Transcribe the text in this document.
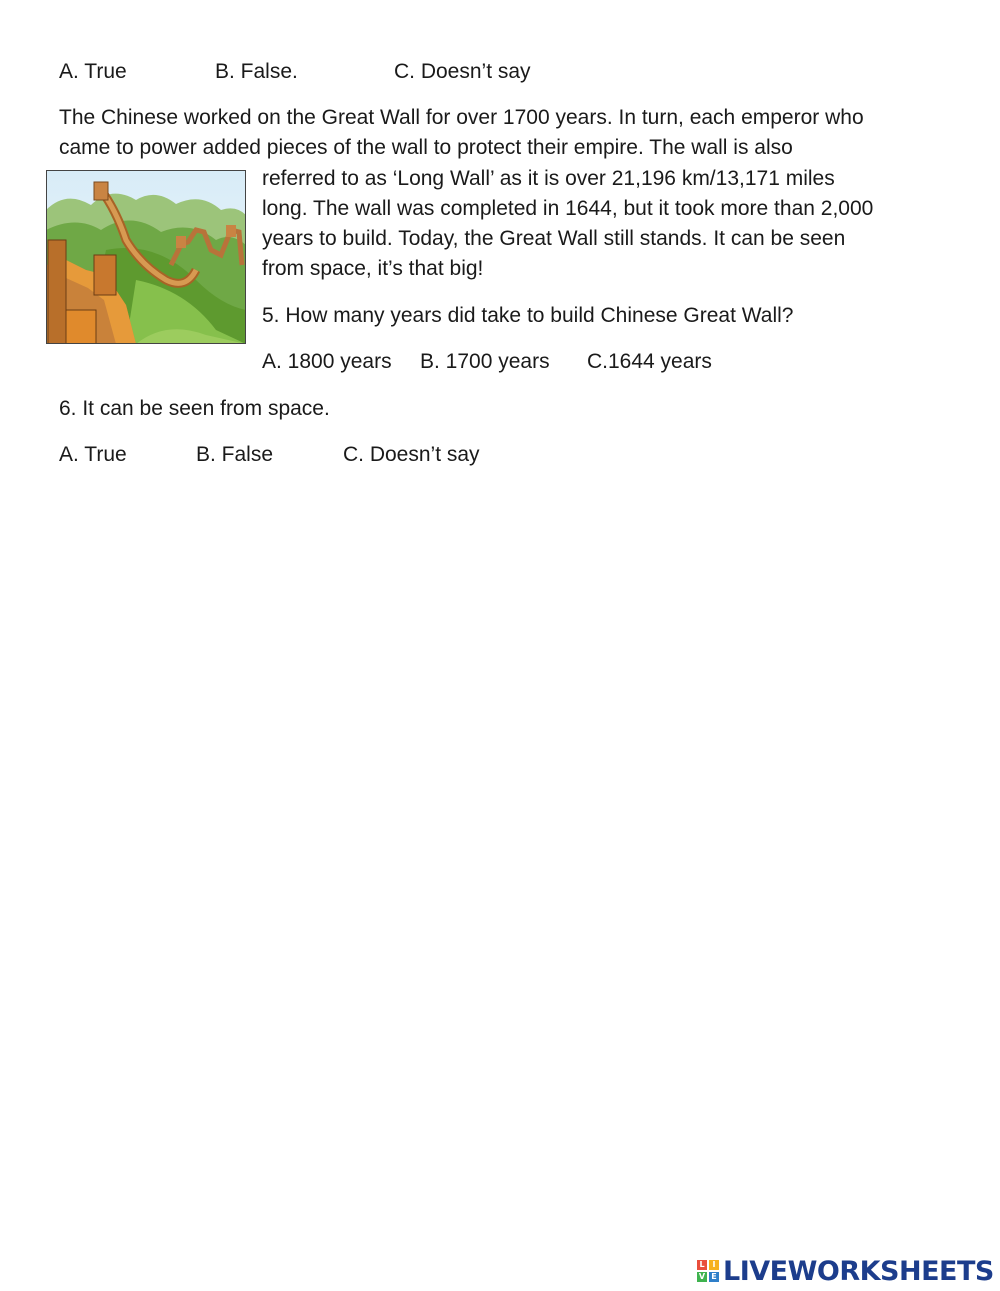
A. True	B. False.	C. Doesn’t say
The Chinese worked on the Great Wall for over 1700 years. In turn, each emperor who
came to power added pieces of the wall to protect their empire. The wall is also
referred to as ‘Long Wall’ as it is over 21,196 km/13,171 miles
long. The wall was completed in 1644, but it took more than 2,000
years to build. Today, the Great Wall still stands. It can be seen
from space, it’s that big!
5. How many years did take to build Chinese Great Wall?
A. 1800 years B. 1700 years C.1644 years
6. It can be seen from space.
A. True	B. False	C. Doesn’t say
L I
V E LIVEWORKSHEETS
